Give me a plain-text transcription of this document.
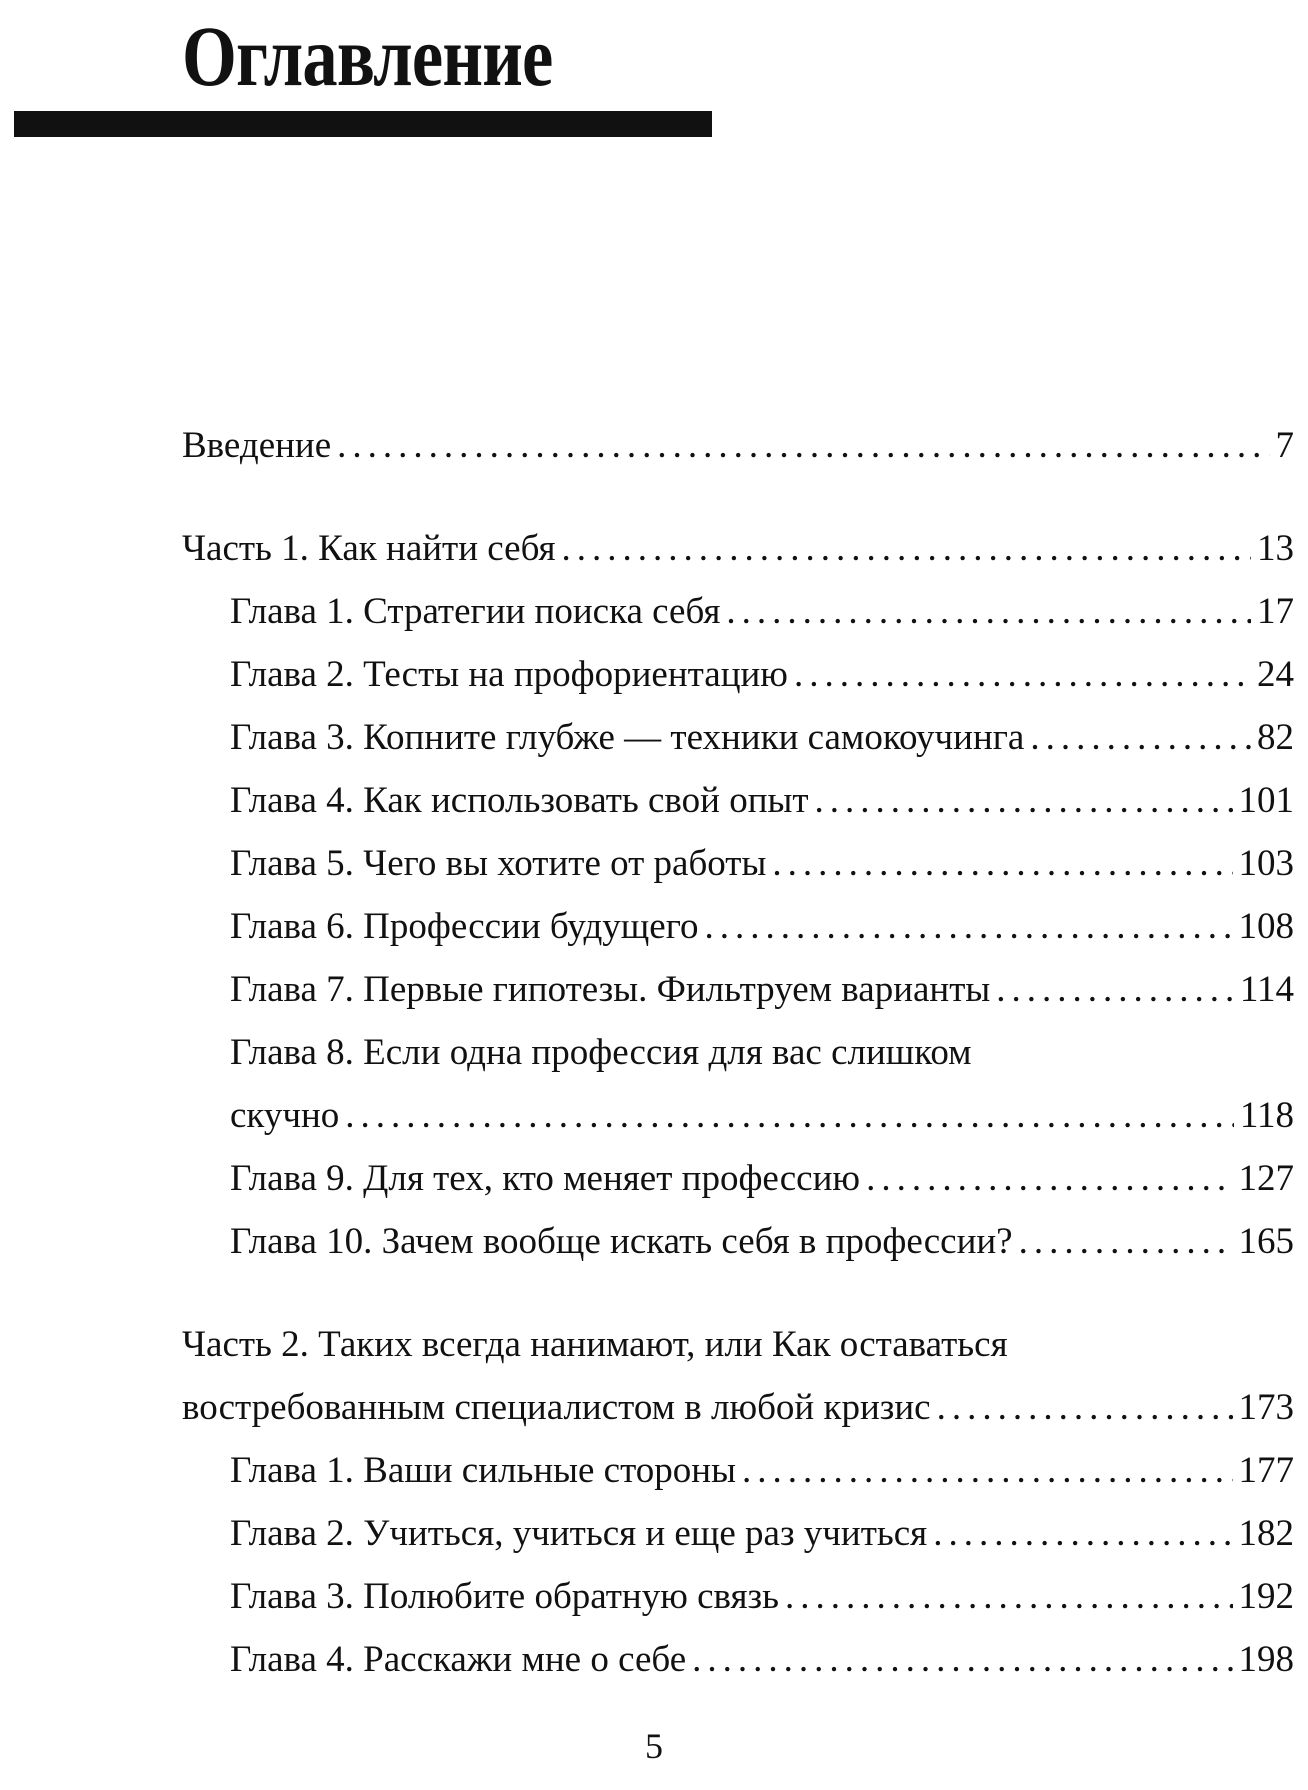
Оглавление
Введение .....	7
Часть 1. Как найти себя .....	13
Глава 1. Стратегии поиска себя .....	17
Глава 2. Тесты на профориентацию .....	24
Глава 3. Копните глубже — техники самокоучинга .....	82
Глава 4. Как использовать свой опыт .....	101
Глава 5. Чего вы хотите от работы .....	103
Глава 6. Профессии будущего .....	108
Глава 7. Первые гипотезы. Фильтруем варианты .....	114
Глава 8. Если одна профессия для вас слишком
скучно .....	118
Глава 9. Для тех, кто меняет профессию .....	127
Глава 10. Зачем вообще искать себя в профессии? .....	165
Часть 2. Таких всегда нанимают, или Как оставаться
востребованным специалистом в любой кризис .....	173
Глава 1. Ваши сильные стороны .....	177
Глава 2. Учиться, учиться и еще раз учиться .....	182
Глава 3. Полюбите обратную связь .....	192
Глава 4. Расскажи мне о себе .....	198
5
